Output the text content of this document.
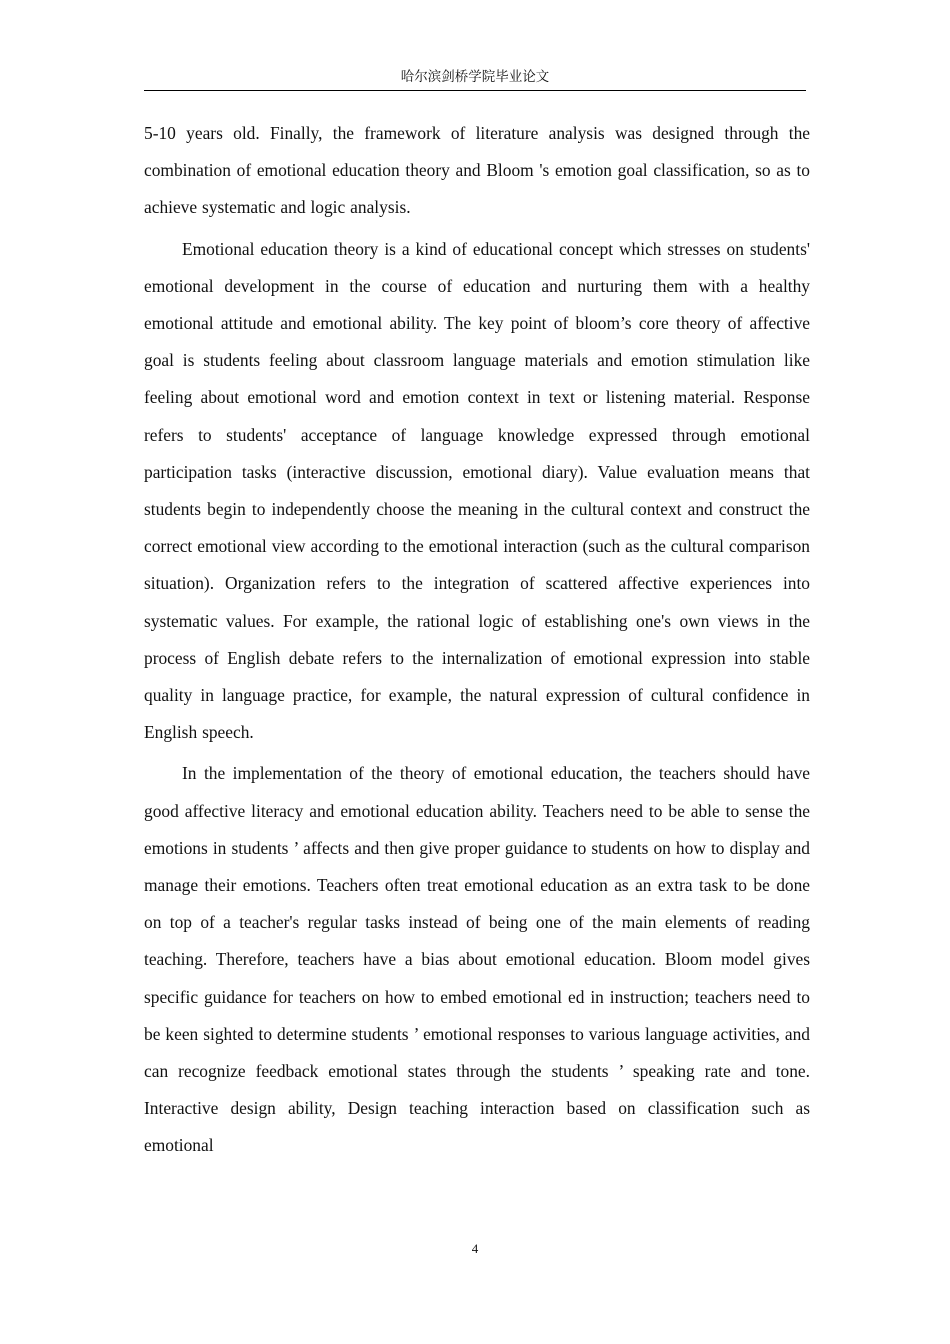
哈尔滨剑桥学院毕业论文

5-10 years old. Finally, the framework of literature analysis was designed through the combination of emotional education theory and Bloom 's emotion goal classification, so as to achieve systematic and logic analysis.

Emotional education theory is a kind of educational concept which stresses on students' emotional development in the course of education and nurturing them with a healthy emotional attitude and emotional ability. The key point of bloom’s core theory of affective goal is students feeling about classroom language materials and emotion stimulation like feeling about emotional word and emotion context in text or listening material. Response refers to students' acceptance of language knowledge expressed through emotional participation tasks (interactive discussion, emotional diary). Value evaluation means that students begin to independently choose the meaning in the cultural context and construct the correct emotional view according to the emotional interaction (such as the cultural comparison situation). Organization refers to the integration of scattered affective experiences into systematic values. For example, the rational logic of establishing one's own views in the process of English debate refers to the internalization of emotional expression into stable quality in language practice, for example, the natural expression of cultural confidence in English speech.

In the implementation of the theory of emotional education, the teachers should have good affective literacy and emotional education ability. Teachers need to be able to sense the emotions in students ’ affects and then give proper guidance to students on how to display and manage their emotions. Teachers often treat emotional education as an extra task to be done on top of a teacher's regular tasks instead of being one of the main elements of reading teaching. Therefore, teachers have a bias about emotional education. Bloom model gives specific guidance for teachers on how to embed emotional ed in instruction; teachers need to be keen sighted to determine students ’ emotional responses to various language activities, and can recognize feedback emotional states through the students ’ speaking rate and tone. Interactive design ability, Design teaching interaction based on classification such as emotional

4
